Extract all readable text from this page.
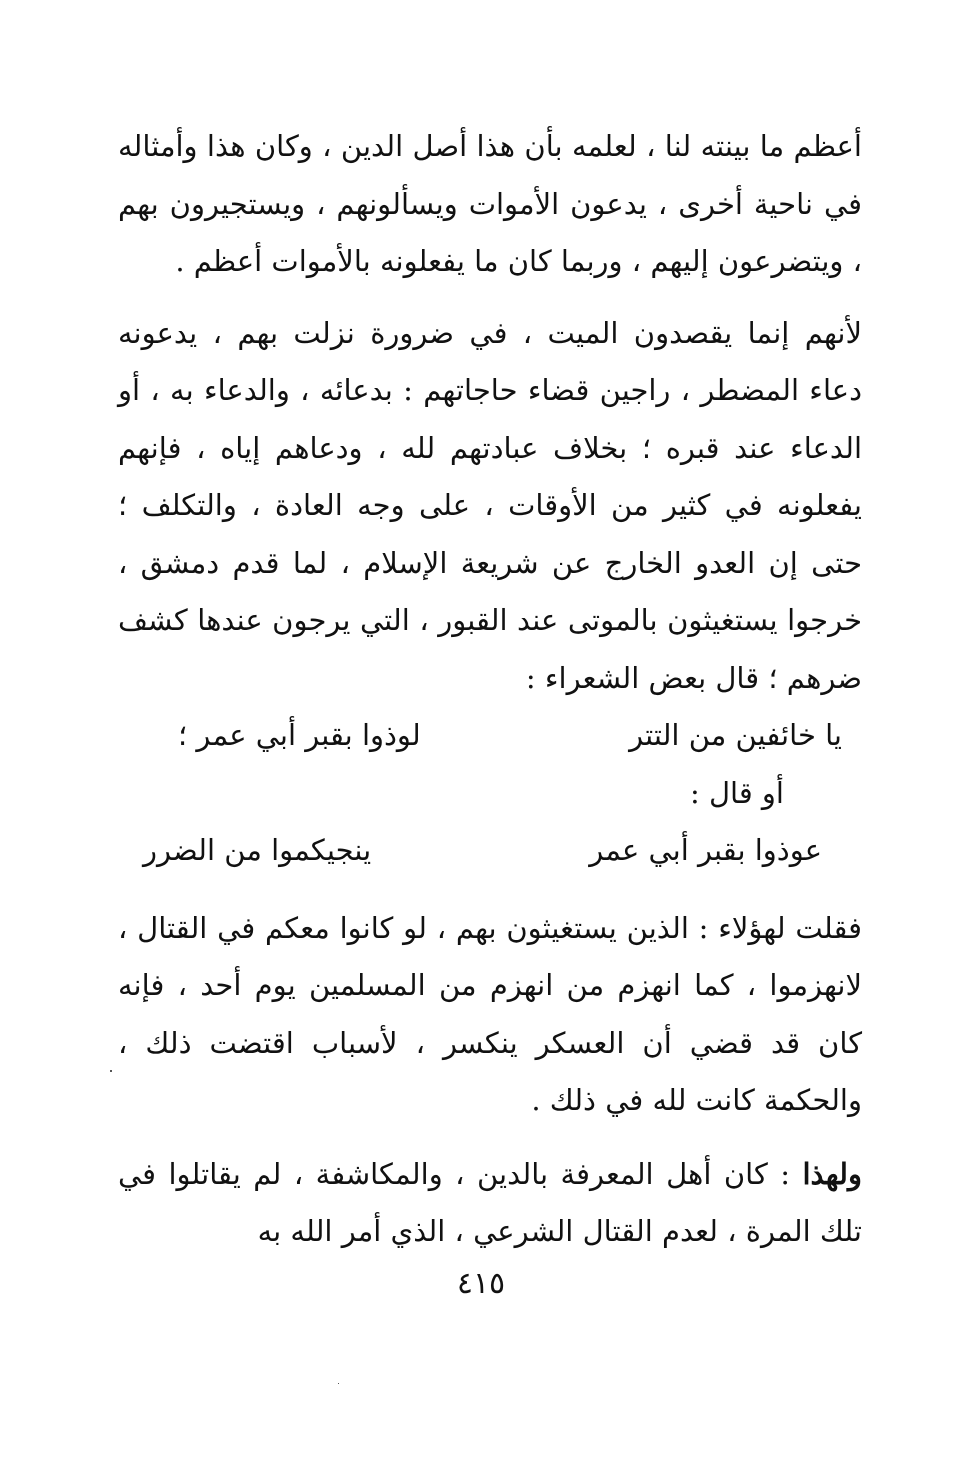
أعظم ما بينته لنا ، لعلمه بأن هذا أصل الدين ، وكان هذا وأمثاله في ناحية أخرى ، يدعون الأموات ويسألونهم ، ويستجيرون بهم ، ويتضرعون إليهم ، وربما كان ما يفعلونه بالأموات أعظم .

لأنهم إنما يقصدون الميت ، في ضرورة نزلت بهم ، يدعونه دعاء المضطر ، راجين قضاء حاجاتهم : بدعائه ، والدعاء به ، أو الدعاء عند قبره ؛ بخلاف عبادتهم لله ، ودعاهم إياه ، فإنهم يفعلونه في كثير من الأوقات ، على وجه العادة ، والتكلف ؛ حتى إن العدو الخارج عن شريعة الإسلام ، لما قدم دمشق ، خرجوا يستغيثون بالموتى عند القبور ، التي يرجون عندها كشف ضرهم ؛ قال بعض الشعراء :

يا خائفين من التتر
لوذوا بقبر أبي عمر ؛
أو قال :
عوذوا بقبر أبي عمر
ينجيكموا من الضرر

فقلت لهؤلاء : الذين يستغيثون بهم ، لو كانوا معكم في القتال ، لانهزموا ، كما انهزم من انهزم من المسلمين يوم أحد ، فإنه كان قد قضي أن العسكر ينكسر ، لأسباب اقتضت ذلك ، والحكمة كانت لله في ذلك .

ولهذا : كان أهل المعرفة بالدين ، والمكاشفة ، لم يقاتلوا في تلك المرة ، لعدم القتال الشرعي ، الذي أمر الله به

٤١٥
